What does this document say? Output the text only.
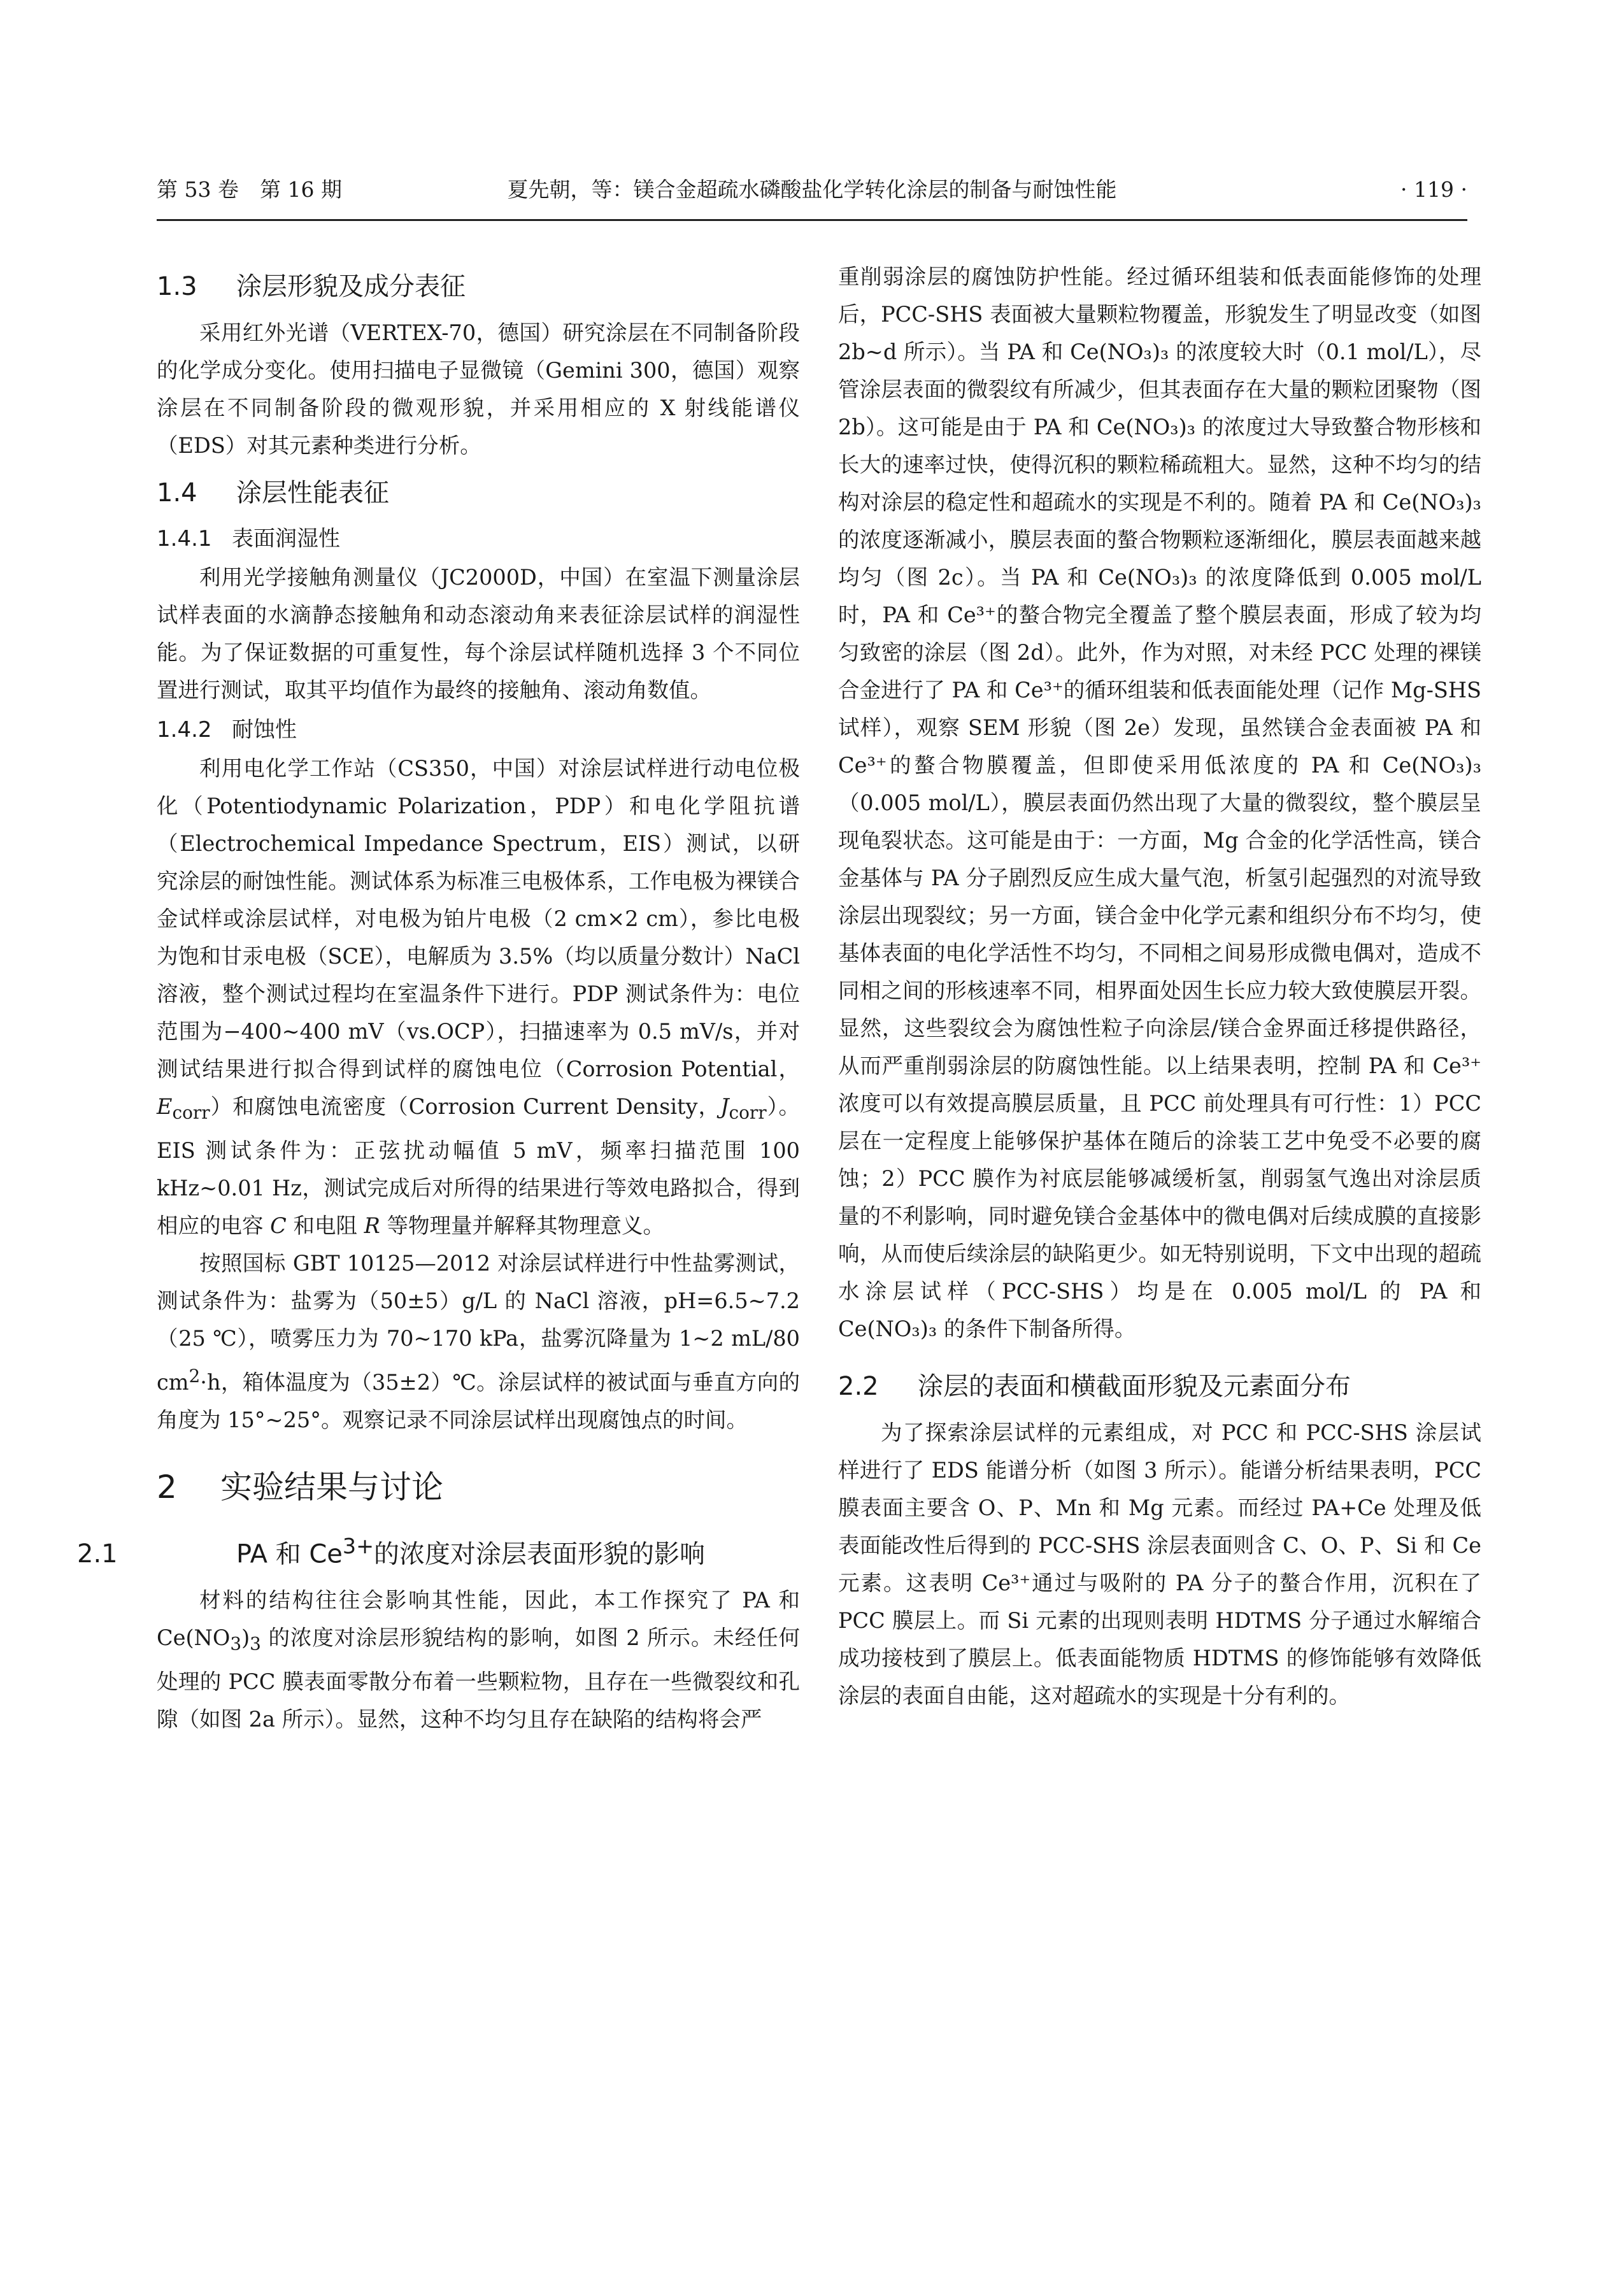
第 53 卷　第 16 期	夏先朝，等：镁合金超疏水磷酸盐化学转化涂层的制备与耐蚀性能	· 119 ·
1.3 涂层形貌及成分表征

采用红外光谱（VERTEX-70，德国）研究涂层在不同制备阶段的化学成分变化。使用扫描电子显微镜（Gemini 300，德国）观察涂层在不同制备阶段的微观形貌，并采用相应的 X 射线能谱仪（EDS）对其元素种类进行分析。

1.4 涂层性能表征
1.4.1 表面润湿性

利用光学接触角测量仪（JC2000D，中国）在室温下测量涂层试样表面的水滴静态接触角和动态滚动角来表征涂层试样的润湿性能。为了保证数据的可重复性，每个涂层试样随机选择 3 个不同位置进行测试，取其平均值作为最终的接触角、滚动角数值。

1.4.2 耐蚀性

利用电化学工作站（CS350，中国）对涂层试样进行动电位极化（Potentiodynamic Polarization，PDP）和电化学阻抗谱（Electrochemical Impedance Spectrum，EIS）测试，以研究涂层的耐蚀性能。测试体系为标准三电极体系，工作电极为裸镁合金试样或涂层试样，对电极为铂片电极（2 cm×2 cm），参比电极为饱和甘汞电极（SCE），电解质为 3.5%（均以质量分数计）NaCl 溶液，整个测试过程均在室温条件下进行。PDP 测试条件为：电位范围为−400~400 mV（vs.OCP），扫描速率为 0.5 mV/s，并对测试结果进行拟合得到试样的腐蚀电位（Corrosion Potential，$E_{corr}$）和腐蚀电流密度（Corrosion Current Density，$J_{corr}$）。EIS 测试条件为：正弦扰动幅值 5 mV，频率扫描范围 100 kHz~0.01 Hz，测试完成后对所得的结果进行等效电路拟合，得到相应的电容 C 和电阻 R 等物理量并解释其物理意义。

按照国标 GBT 10125—2012 对涂层试样进行中性盐雾测试，测试条件为：盐雾为（50±5）g/L 的 NaCl 溶液，pH=6.5~7.2（25 ℃），喷雾压力为 70~170 kPa，盐雾沉降量为 1~2 mL/80 $cm^2\cdot h$，箱体温度为（35±2）℃。涂层试样的被试面与垂直方向的角度为 15°~25°。观察记录不同涂层试样出现腐蚀点的时间。

2 实验结果与讨论
2.1	PA 和 $Ce^{3+}$的浓度对涂层表面形貌的影响

材料的结构往往会影响其性能，因此，本工作探究了 PA 和 $Ce(NO_3)_3$ 的浓度对涂层形貌结构的影响，如图 2 所示。未经任何处理的 PCC 膜表面零散分布着一些颗粒物，且存在一些微裂纹和孔隙（如图 2a 所示）。显然，这种不均匀且存在缺陷的结构将会严

重削弱涂层的腐蚀防护性能。经过循环组装和低表面能修饰的处理后，PCC-SHS 表面被大量颗粒物覆盖，形貌发生了明显改变（如图 2b~d 所示）。当 PA 和 Ce(NO₃)₃ 的浓度较大时（0.1 mol/L），尽管涂层表面的微裂纹有所减少，但其表面存在大量的颗粒团聚物（图 2b）。这可能是由于 PA 和 Ce(NO₃)₃ 的浓度过大导致螯合物形核和长大的速率过快，使得沉积的颗粒稀疏粗大。显然，这种不均匀的结构对涂层的稳定性和超疏水的实现是不利的。随着 PA 和 Ce(NO₃)₃ 的浓度逐渐减小，膜层表面的螯合物颗粒逐渐细化，膜层表面越来越均匀（图 2c）。当 PA 和 Ce(NO₃)₃ 的浓度降低到 0.005 mol/L 时，PA 和 Ce³⁺的螯合物完全覆盖了整个膜层表面，形成了较为均匀致密的涂层（图 2d）。此外，作为对照，对未经 PCC 处理的裸镁合金进行了 PA 和 Ce³⁺的循环组装和低表面能处理（记作 Mg-SHS 试样），观察 SEM 形貌（图 2e）发现，虽然镁合金表面被 PA 和 Ce³⁺的螯合物膜覆盖，但即使采用低浓度的 PA 和 Ce(NO₃)₃（0.005 mol/L），膜层表面仍然出现了大量的微裂纹，整个膜层呈现龟裂状态。这可能是由于：一方面，Mg 合金的化学活性高，镁合金基体与 PA 分子剧烈反应生成大量气泡，析氢引起强烈的对流导致涂层出现裂纹；另一方面，镁合金中化学元素和组织分布不均匀，使基体表面的电化学活性不均匀，不同相之间易形成微电偶对，造成不同相之间的形核速率不同，相界面处因生长应力较大致使膜层开裂。显然，这些裂纹会为腐蚀性粒子向涂层/镁合金界面迁移提供路径，从而严重削弱涂层的防腐蚀性能。以上结果表明，控制 PA 和 Ce³⁺浓度可以有效提高膜层质量，且 PCC 前处理具有可行性：1）PCC 层在一定程度上能够保护基体在随后的涂装工艺中免受不必要的腐蚀；2）PCC 膜作为衬底层能够减缓析氢，削弱氢气逸出对涂层质量的不利影响，同时避免镁合金基体中的微电偶对后续成膜的直接影响，从而使后续涂层的缺陷更少。如无特别说明，下文中出现的超疏水涂层试样（PCC-SHS）均是在 0.005 mol/L 的 PA 和 Ce(NO₃)₃ 的条件下制备所得。

2.2 涂层的表面和横截面形貌及元素面分布

为了探索涂层试样的元素组成，对 PCC 和 PCC-SHS 涂层试样进行了 EDS 能谱分析（如图 3 所示）。能谱分析结果表明，PCC 膜表面主要含 O、P、Mn 和 Mg 元素。而经过 PA+Ce 处理及低表面能改性后得到的 PCC-SHS 涂层表面则含 C、O、P、Si 和 Ce 元素。这表明 Ce³⁺通过与吸附的 PA 分子的螯合作用，沉积在了 PCC 膜层上。而 Si 元素的出现则表明 HDTMS 分子通过水解缩合成功接枝到了膜层上。低表面能物质 HDTMS 的修饰能够有效降低涂层的表面自由能，这对超疏水的实现是十分有利的。
